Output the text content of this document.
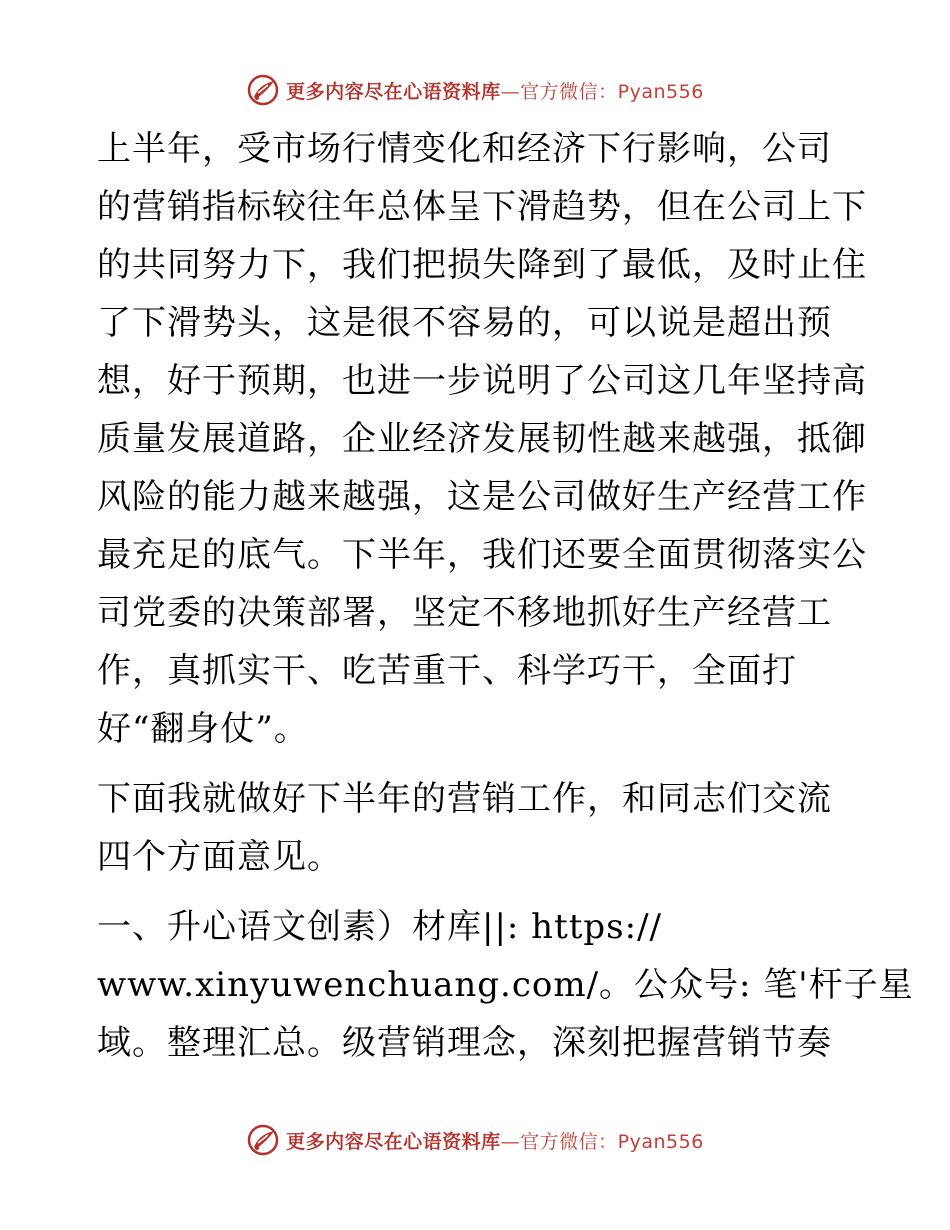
更多内容尽在心语资料库—官方微信：Pyan556
上半年，受市场行情变化和经济下行影响，公司
的营销指标较往年总体呈下滑趋势，但在公司上下
的共同努力下，我们把损失降到了最低，及时止住
了下滑势头，这是很不容易的，可以说是超出预
想，好于预期，也进一步说明了公司这几年坚持高
质量发展道路，企业经济发展韧性越来越强，抵御
风险的能力越来越强，这是公司做好生产经营工作
最充足的底气。下半年，我们还要全面贯彻落实公
司党委的决策部署，坚定不移地抓好生产经营工
作，真抓实干、吃苦重干、科学巧干，全面打
好“翻身仗”。
下面我就做好下半年的营销工作，和同志们交流
四个方面意见。
一、升心语文创素）材库||: https://
www.xinyuwenchuang.com/。公众号: 笔'杆子星
域。整理汇总。级营销理念，深刻把握营销节奏
更多内容尽在心语资料库—官方微信：Pyan556
